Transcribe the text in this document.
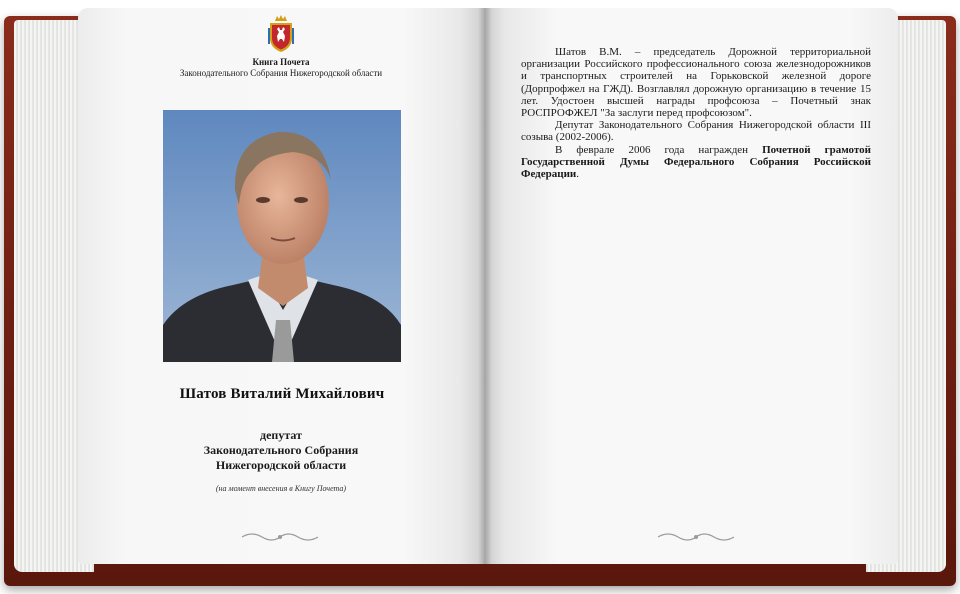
Книга Почета
Законодательного Собрания Нижегородской области
Шатов Виталий Михайлович
депутат
Законодательного Собрания
Нижегородской области
(на момент внесения в Книгу Почета)

Шатов В.М. – председатель Дорожной территориальной организации Российского профессионального союза железнодорожников и транспортных строителей на Горьковской железной дороге (Дорпрофжел на ГЖД). Возглавлял дорожную организацию в течение 15 лет. Удостоен высшей награды профсоюза – Почетный знак РОСПРОФЖЕЛ "За заслуги перед профсоюзом".

Депутат Законодательного Собрания Нижегородской области III созыва (2002-2006).

В феврале 2006 года награжден Почетной грамотой Государственной Думы Федерального Собрания Российской Федерации.
